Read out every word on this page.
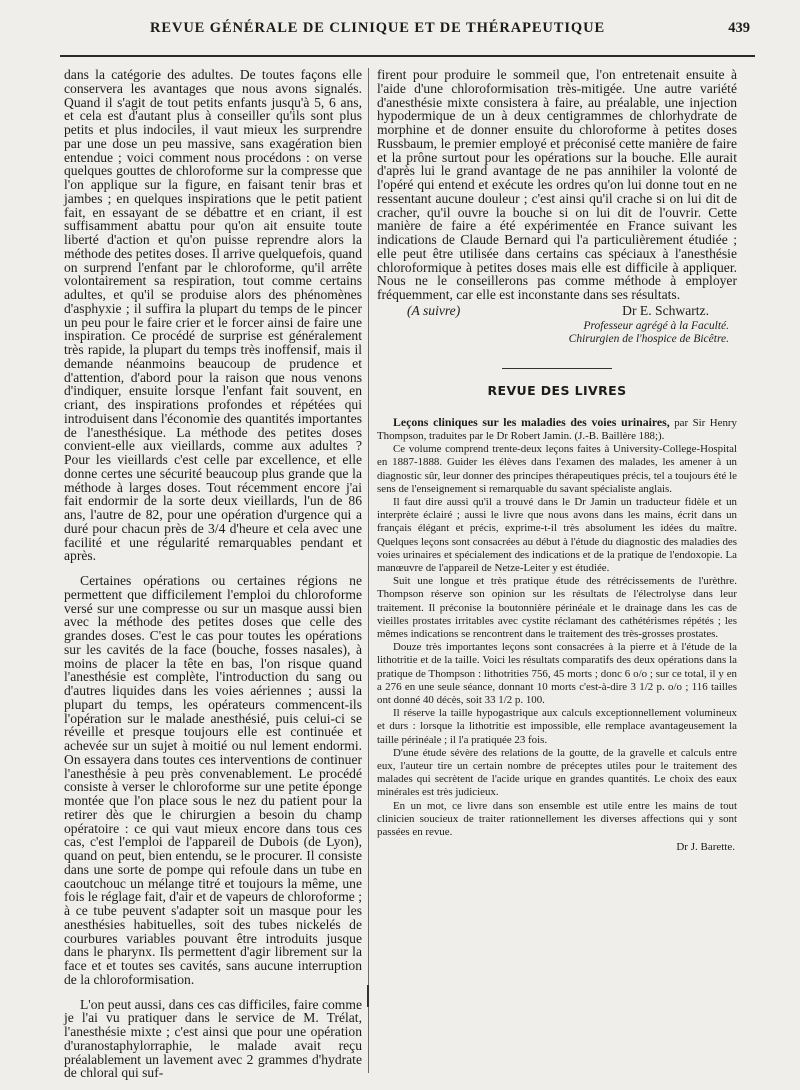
REVUE GÉNÉRALE DE CLINIQUE ET DE THÉRAPEUTIQUE	439

dans la catégorie des adultes. De toutes façons elle conservera les avantages que nous avons signalés. Quand il s'agit de tout petits enfants jusqu'à 5, 6 ans, et cela est d'autant plus à conseiller qu'ils sont plus petits et plus indociles, il vaut mieux les surprendre par une dose un peu massive, sans exagération bien entendue ; voici comment nous procédons : on verse quelques gouttes de chloroforme sur la compresse que l'on applique sur la figure, en faisant tenir bras et jambes ; en quelques inspirations que le petit patient fait, en essayant de se débattre et en criant, il est suffisamment abattu pour qu'on ait ensuite toute liberté d'action et qu'on puisse reprendre alors la méthode des petites doses. Il arrive quelquefois, quand on surprend l'enfant par le chloroforme, qu'il arrête volontairement sa respiration, tout comme certains adultes, et qu'il se produise alors des phénomènes d'asphyxie ; il suffira la plupart du temps de le pincer un peu pour le faire crier et le forcer ainsi de faire une inspiration. Ce procédé de surprise est généralement très rapide, la plupart du temps très inoffensif, mais il demande néanmoins beaucoup de prudence et d'attention, d'abord pour la raison que nous venons d'indiquer, ensuite lorsque l'enfant fait souvent, en criant, des inspirations profondes et répétées qui introduisent dans l'économie des quantités importantes de l'anesthésique. La méthode des petites doses convient-elle aux vieillards, comme aux adultes ? Pour les vieillards c'est celle par excellence, et elle donne certes une sécurité beaucoup plus grande que la méthode à larges doses. Tout récemment encore j'ai fait endormir de la sorte deux vieillards, l'un de 86 ans, l'autre de 82, pour une opération d'urgence qui a duré pour chacun près de 3/4 d'heure et cela avec une facilité et une régularité remarquables pendant et après.

Certaines opérations ou certaines régions ne permettent que difficilement l'emploi du chloroforme versé sur une compresse ou sur un masque aussi bien avec la méthode des petites doses que celle des grandes doses. C'est le cas pour toutes les opérations sur les cavités de la face (bouche, fosses nasales), à moins de placer la tête en bas, l'on risque quand l'anesthésie est complète, l'introduction du sang ou d'autres liquides dans les voies aériennes ; aussi la plupart du temps, les opérateurs commencent-ils l'opération sur le malade anesthésié, puis celui-ci se réveille et presque toujours elle est continuée et achevée sur un sujet à moitié ou nul lement endormi. On essayera dans toutes ces interventions de continuer l'anesthésie à peu près convenablement. Le procédé consiste à verser le chloroforme sur une petite éponge montée que l'on place sous le nez du patient pour la retirer dès que le chirurgien a besoin du champ opératoire : ce qui vaut mieux encore dans tous ces cas, c'est l'emploi de l'appareil de Dubois (de Lyon), quand on peut, bien entendu, se le procurer. Il consiste dans une sorte de pompe qui refoule dans un tube en caoutchouc un mélange titré et toujours la même, une fois le réglage fait, d'air et de vapeurs de chloroforme ; à ce tube peuvent s'adapter soit un masque pour les anesthésies habituelles, soit des tubes nickelés de courbures variables pouvant être introduits jusque dans le pharynx. Ils permettent d'agir librement sur la face et et toutes ses cavités, sans aucune interruption de la chloroformisation.

L'on peut aussi, dans ces cas difficiles, faire comme je l'ai vu pratiquer dans le service de M. Trélat, l'anesthésie mixte ; c'est ainsi que pour une opération d'uranostaphylorraphie, le malade avait reçu préalablement un lavement avec 2 grammes d'hydrate de chloral qui suf-

firent pour produire le sommeil que, l'on entretenait ensuite à l'aide d'une chloroformisation très-mitigée. Une autre variété d'anesthésie mixte consistera à faire, au préalable, une injection hypodermique de un à deux centigrammes de chlorhydrate de morphine et de donner ensuite du chloroforme à petites doses Russbaum, le premier employé et préconisé cette manière de faire et la prône surtout pour les opérations sur la bouche. Elle aurait d'après lui le grand avantage de ne pas annihiler la volonté de l'opéré qui entend et exécute les ordres qu'on lui donne tout en ne ressentant aucune douleur ; c'est ainsi qu'il crache si on lui dit de cracher, qu'il ouvre la bouche si on lui dit de l'ouvrir. Cette manière de faire a été expérimentée en France suivant les indications de Claude Bernard qui l'a particulièrement étudiée ; elle peut être utilisée dans certains cas spéciaux à l'anesthésie chloroformique à petites doses mais elle est difficile à appliquer. Nous ne le conseillerons pas comme méthode à employer fréquemment, car elle est inconstante dans ses résultats.

(A suivre)	Dr E. Schwartz.
Professeur agrégé à la Faculté.
Chirurgien de l'hospice de Bicêtre.
REVUE DES LIVRES

Leçons cliniques sur les maladies des voies urinaires, par Sir Henry Thompson, traduites par le Dr Robert Jamin. (J.-B. Baillère 188;).

Ce volume comprend trente-deux leçons faites à University-College-Hospital en 1887-1888. Guider les élèves dans l'examen des malades, les amener à un diagnostic sûr, leur donner des principes thérapeutiques précis, tel a toujours été le sens de l'enseignement si remarquable du savant spécialiste anglais.

Il faut dire aussi qu'il a trouvé dans le Dr Jamin un traducteur fidèle et un interprète éclairé ; aussi le livre que nous avons dans les mains, écrit dans un français élégant et précis, exprime-t-il très absolument les idées du maître. Quelques leçons sont consacrées au début à l'étude du diagnostic des maladies des voies urinaires et spécialement des indications et de la pratique de l'endoxopie. La manœuvre de l'appareil de Netze-Leiter y est étudiée.

Suit une longue et très pratique étude des rétrécissements de l'urèthre. Thompson réserve son opinion sur les résultats de l'électrolyse dans leur traitement. Il préconise la boutonnière périnéale et le drainage dans les cas de vieilles prostates irritables avec cystite réclamant des cathétérismes répétés ; les mêmes indications se rencontrent dans le traitement des très-grosses prostates.

Douze très importantes leçons sont consacrées à la pierre et à l'étude de la lithotritie et de la taille. Voici les résultats comparatifs des deux opérations dans la pratique de Thompson : lithotrities 756, 45 morts ; donc 6 o/o ; sur ce total, il y en a 276 en une seule séance, donnant 10 morts c'est-à-dire 3 1/2 p. o/o ; 116 tailles ont donné 40 décès, soit 33 1/2 p. 100.

Il réserve la taille hypogastrique aux calculs exceptionnellement volumineux et durs : lorsque la lithotritie est impossible, elle remplace avantageusement la taille périnéale ; il l'a pratiquée 23 fois.

D'une étude sévère des relations de la goutte, de la gravelle et calculs entre eux, l'auteur tire un certain nombre de préceptes utiles pour le traitement des malades qui secrètent de l'acide urique en grandes quantités. Le choix des eaux minérales est très judicieux.

En un mot, ce livre dans son ensemble est utile entre les mains de tout clinicien soucieux de traiter rationnellement les diverses affections qui y sont passées en revue.

Dr J. Barette.
